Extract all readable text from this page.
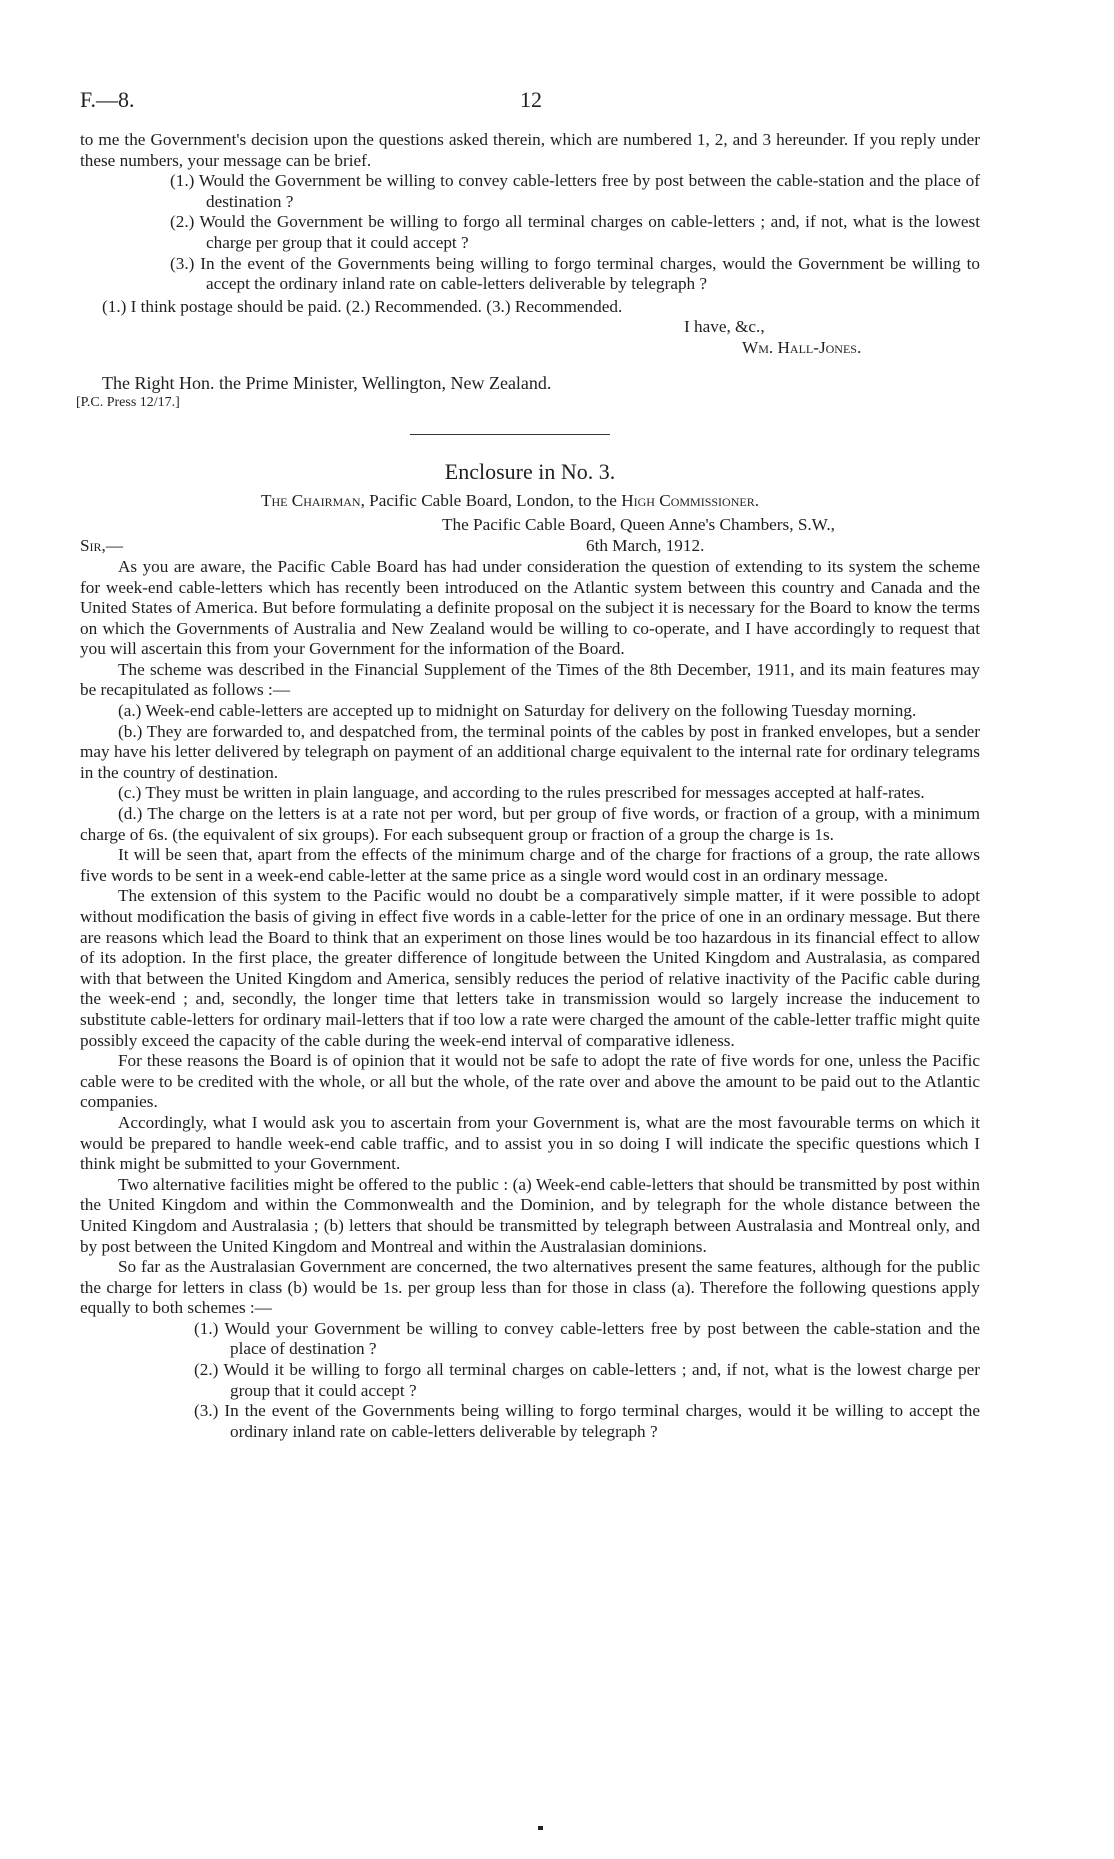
F.—8.	12

to me the Government's decision upon the questions asked therein, which are numbered 1, 2, and 3 hereunder. If you reply under these numbers, your message can be brief.

(1.) Would the Government be willing to convey cable-letters free by post between the cable-station and the place of destination ?

(2.) Would the Government be willing to forgo all terminal charges on cable-letters ; and, if not, what is the lowest charge per group that it could accept ?

(3.) In the event of the Governments being willing to forgo terminal charges, would the Government be willing to accept the ordinary inland rate on cable-letters deliverable by telegraph ?

(1.) I think postage should be paid. (2.) Recommended. (3.) Recommended.

I have, &c.,

Wm. Hall-Jones.

The Right Hon. the Prime Minister, Wellington, New Zealand.

[P.C. Press 12/17.]

Enclosure in No. 3.

The Chairman, Pacific Cable Board, London, to the High Commissioner.

The Pacific Cable Board, Queen Anne's Chambers, S.W.,

Sir,—	6th March, 1912.

As you are aware, the Pacific Cable Board has had under consideration the question of extending to its system the scheme for week-end cable-letters which has recently been introduced on the Atlantic system between this country and Canada and the United States of America. But before formulating a definite proposal on the subject it is necessary for the Board to know the terms on which the Governments of Australia and New Zealand would be willing to co-operate, and I have accordingly to request that you will ascertain this from your Government for the information of the Board.

The scheme was described in the Financial Supplement of the Times of the 8th December, 1911, and its main features may be recapitulated as follows :—

(a.) Week-end cable-letters are accepted up to midnight on Saturday for delivery on the following Tuesday morning.

(b.) They are forwarded to, and despatched from, the terminal points of the cables by post in franked envelopes, but a sender may have his letter delivered by telegraph on payment of an additional charge equivalent to the internal rate for ordinary telegrams in the country of destination.

(c.) They must be written in plain language, and according to the rules prescribed for messages accepted at half-rates.

(d.) The charge on the letters is at a rate not per word, but per group of five words, or fraction of a group, with a minimum charge of 6s. (the equivalent of six groups). For each subsequent group or fraction of a group the charge is 1s.

It will be seen that, apart from the effects of the minimum charge and of the charge for fractions of a group, the rate allows five words to be sent in a week-end cable-letter at the same price as a single word would cost in an ordinary message.

The extension of this system to the Pacific would no doubt be a comparatively simple matter, if it were possible to adopt without modification the basis of giving in effect five words in a cable-letter for the price of one in an ordinary message. But there are reasons which lead the Board to think that an experiment on those lines would be too hazardous in its financial effect to allow of its adoption. In the first place, the greater difference of longitude between the United Kingdom and Australasia, as compared with that between the United Kingdom and America, sensibly reduces the period of relative inactivity of the Pacific cable during the week-end ; and, secondly, the longer time that letters take in transmission would so largely increase the inducement to substitute cable-letters for ordinary mail-letters that if too low a rate were charged the amount of the cable-letter traffic might quite possibly exceed the capacity of the cable during the week-end interval of comparative idleness.

For these reasons the Board is of opinion that it would not be safe to adopt the rate of five words for one, unless the Pacific cable were to be credited with the whole, or all but the whole, of the rate over and above the amount to be paid out to the Atlantic companies.

Accordingly, what I would ask you to ascertain from your Government is, what are the most favourable terms on which it would be prepared to handle week-end cable traffic, and to assist you in so doing I will indicate the specific questions which I think might be submitted to your Government.

Two alternative facilities might be offered to the public : (a) Week-end cable-letters that should be transmitted by post within the United Kingdom and within the Commonwealth and the Dominion, and by telegraph for the whole distance between the United Kingdom and Australasia ; (b) letters that should be transmitted by telegraph between Australasia and Montreal only, and by post between the United Kingdom and Montreal and within the Australasian dominions.

So far as the Australasian Government are concerned, the two alternatives present the same features, although for the public the charge for letters in class (b) would be 1s. per group less than for those in class (a). Therefore the following questions apply equally to both schemes :—

(1.) Would your Government be willing to convey cable-letters free by post between the cable-station and the place of destination ?

(2.) Would it be willing to forgo all terminal charges on cable-letters ; and, if not, what is the lowest charge per group that it could accept ?

(3.) In the event of the Governments being willing to forgo terminal charges, would it be willing to accept the ordinary inland rate on cable-letters deliverable by telegraph ?
